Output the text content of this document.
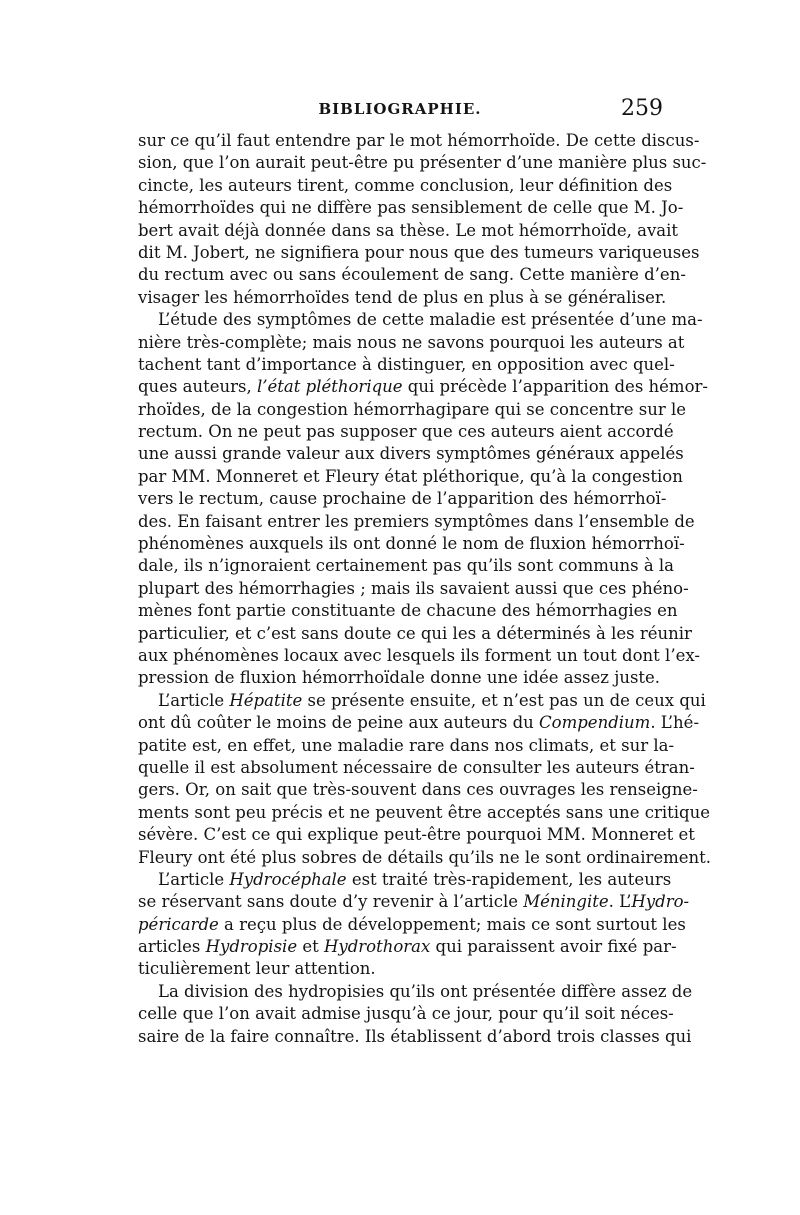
BIBLIOGRAPHIE.	259
sur ce qu’il faut entendre par le mot hémorrhoïde. De cette discus-
sion, que l’on aurait peut-être pu présenter d’une manière plus suc-
cincte, les auteurs tirent, comme conclusion, leur définition des
hémorrhoïdes qui ne diffère pas sensiblement de celle que M. Jo-
bert avait déjà donnée dans sa thèse. Le mot hémorrhoïde, avait
dit M. Jobert, ne signifiera pour nous que des tumeurs variqueuses
du rectum avec ou sans écoulement de sang. Cette manière d’en-
visager les hémorrhoïdes tend de plus en plus à se généraliser.
L’étude des symptômes de cette maladie est présentée d’une ma-
nière très-complète; mais nous ne savons pourquoi les auteurs at
tachent tant d’importance à distinguer, en opposition avec quel-
ques auteurs, l’état pléthorique qui précède l’apparition des hémor-
rhoïdes, de la congestion hémorrhagipare qui se concentre sur le
rectum. On ne peut pas supposer que ces auteurs aient accordé
une aussi grande valeur aux divers symptômes généraux appelés
par MM. Monneret et Fleury état pléthorique, qu’à la congestion
vers le rectum, cause prochaine de l’apparition des hémorrhoï-
des. En faisant entrer les premiers symptômes dans l’ensemble de
phénomènes auxquels ils ont donné le nom de fluxion hémorrhoï-
dale, ils n’ignoraient certainement pas qu’ils sont communs à la
plupart des hémorrhagies ; mais ils savaient aussi que ces phéno-
mènes font partie constituante de chacune des hémorrhagies en
particulier, et c’est sans doute ce qui les a déterminés à les réunir
aux phénomènes locaux avec lesquels ils forment un tout dont l’ex-
pression de fluxion hémorrhoïdale donne une idée assez juste.
L’article Hépatite se présente ensuite, et n’est pas un de ceux qui
ont dû coûter le moins de peine aux auteurs du Compendium. L’hé-
patite est, en effet, une maladie rare dans nos climats, et sur la-
quelle il est absolument nécessaire de consulter les auteurs étran-
gers. Or, on sait que très-souvent dans ces ouvrages les renseigne-
ments sont peu précis et ne peuvent être acceptés sans une critique
sévère. C’est ce qui explique peut-être pourquoi MM. Monneret et
Fleury ont été plus sobres de détails qu’ils ne le sont ordinairement.
L’article Hydrocéphale est traité très-rapidement, les auteurs
se réservant sans doute d’y revenir à l’article Méningite. L’Hydro-
péricarde a reçu plus de développement; mais ce sont surtout les
articles Hydropisie et Hydrothorax qui paraissent avoir fixé par-
ticulièrement leur attention.
La division des hydropisies qu’ils ont présentée diffère assez de
celle que l’on avait admise jusqu’à ce jour, pour qu’il soit néces-
saire de la faire connaître. Ils établissent d’abord trois classes qui
